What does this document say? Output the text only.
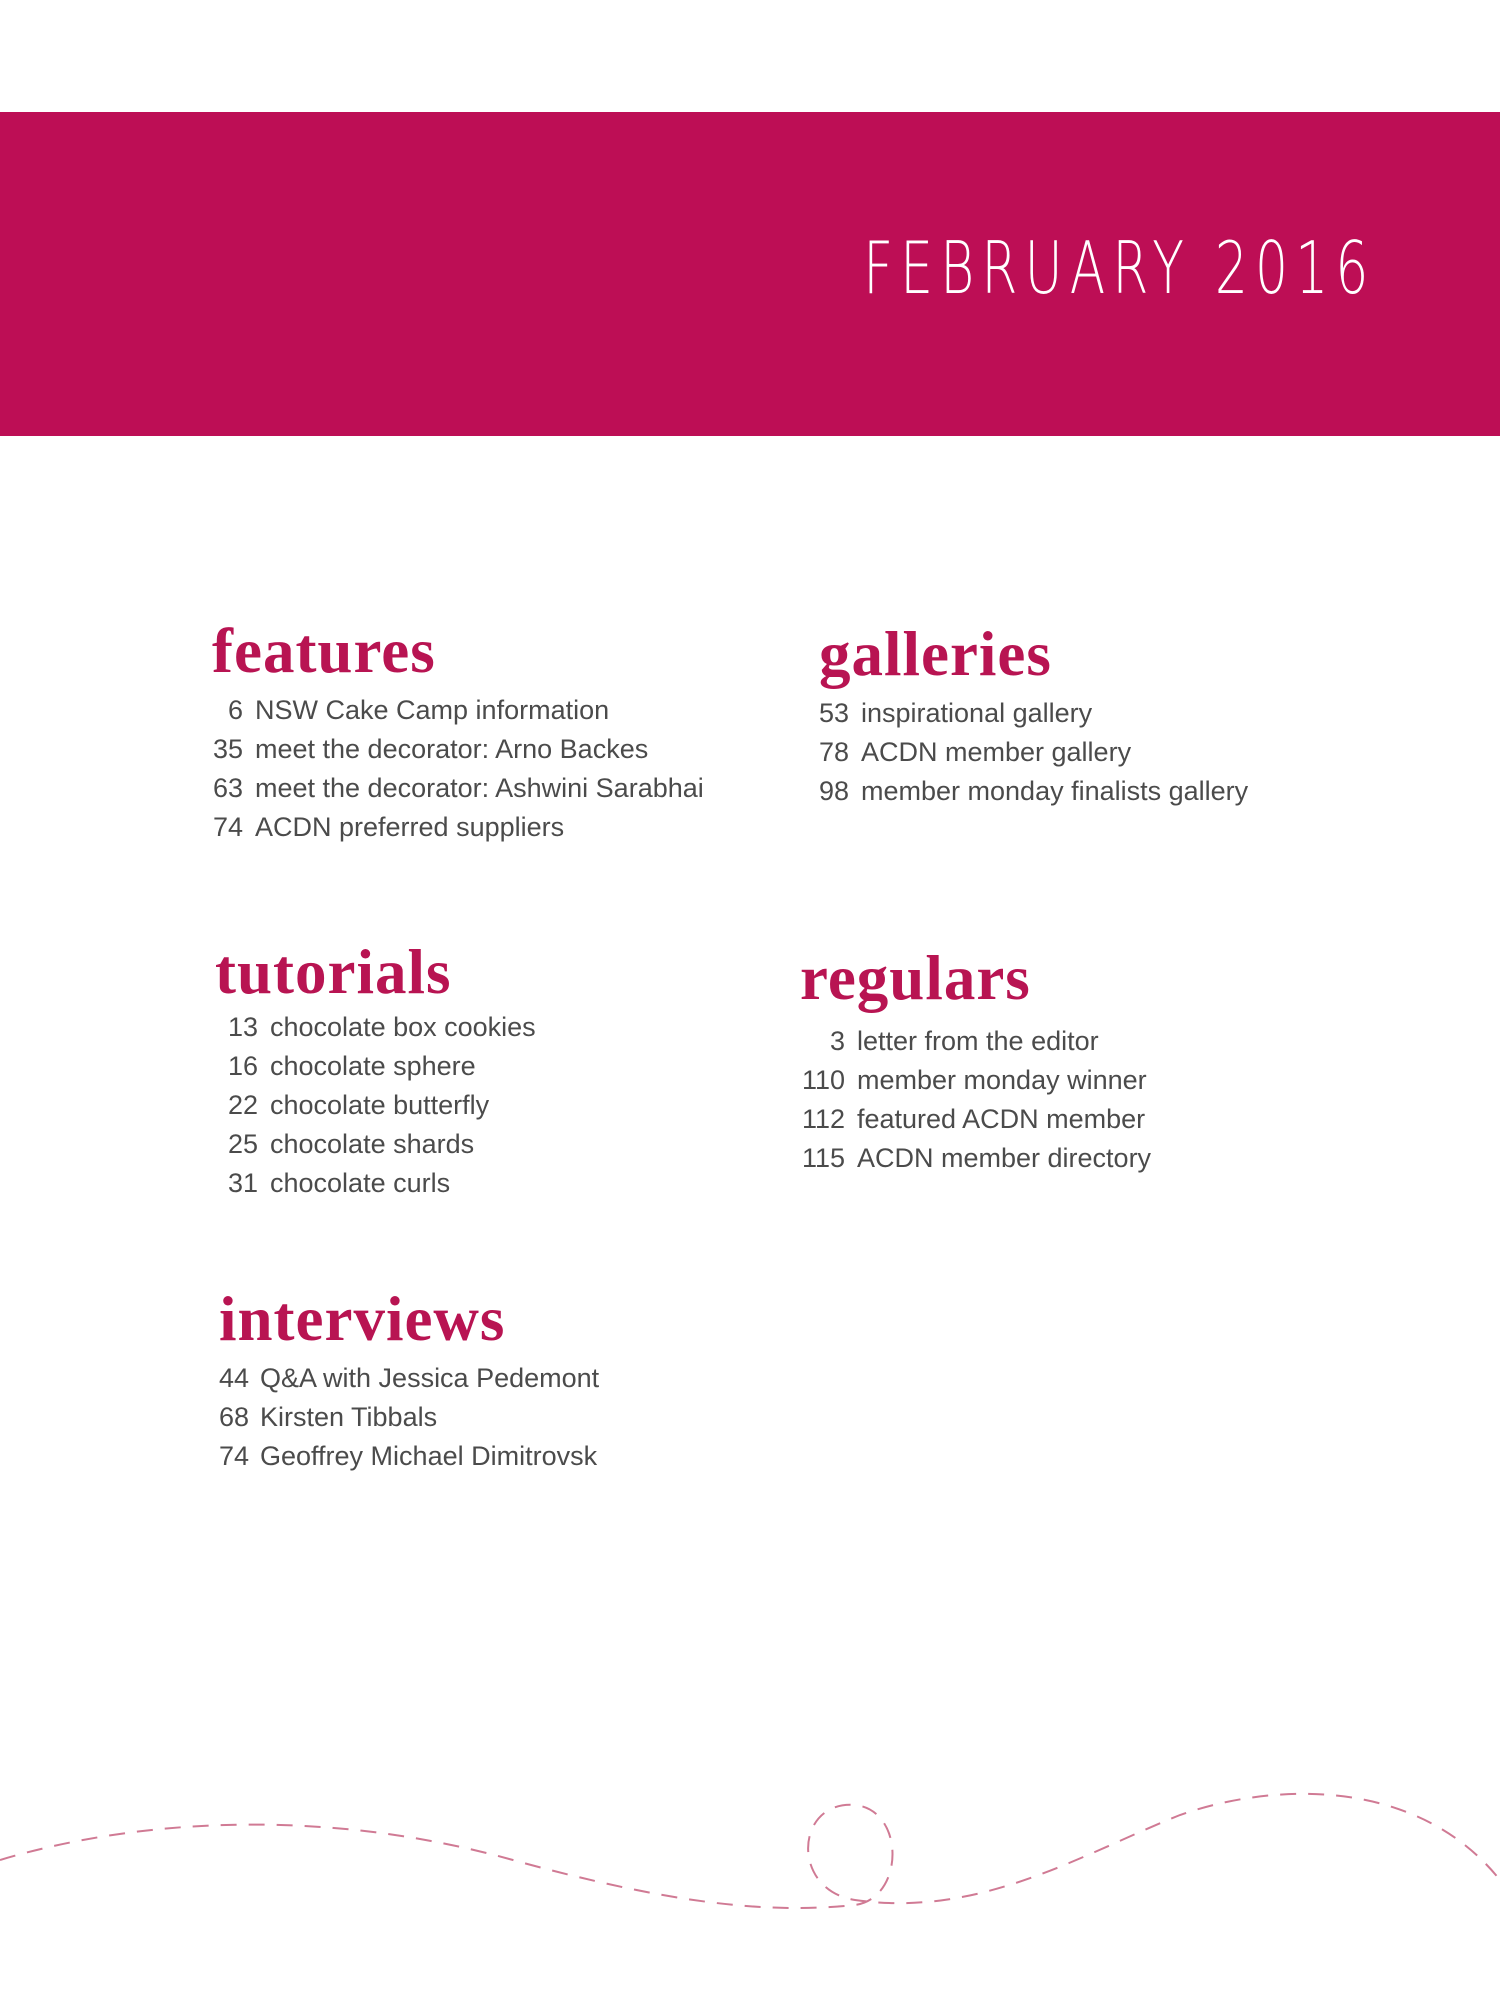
FEBRUARY 2016
features
6 NSW Cake Camp information
35 meet the decorator: Arno Backes
63 meet the decorator: Ashwini Sarabhai
74 ACDN preferred suppliers
galleries
53 inspirational gallery
78 ACDN member gallery
98 member monday finalists gallery
tutorials
13 chocolate box cookies
16 chocolate sphere
22 chocolate butterfly
25 chocolate shards
31 chocolate curls
regulars
3 letter from the editor
110 member monday winner
112 featured ACDN member
115 ACDN member directory
interviews
44 Q&A with Jessica Pedemont
68 Kirsten Tibbals
74 Geoffrey Michael Dimitrovsk
